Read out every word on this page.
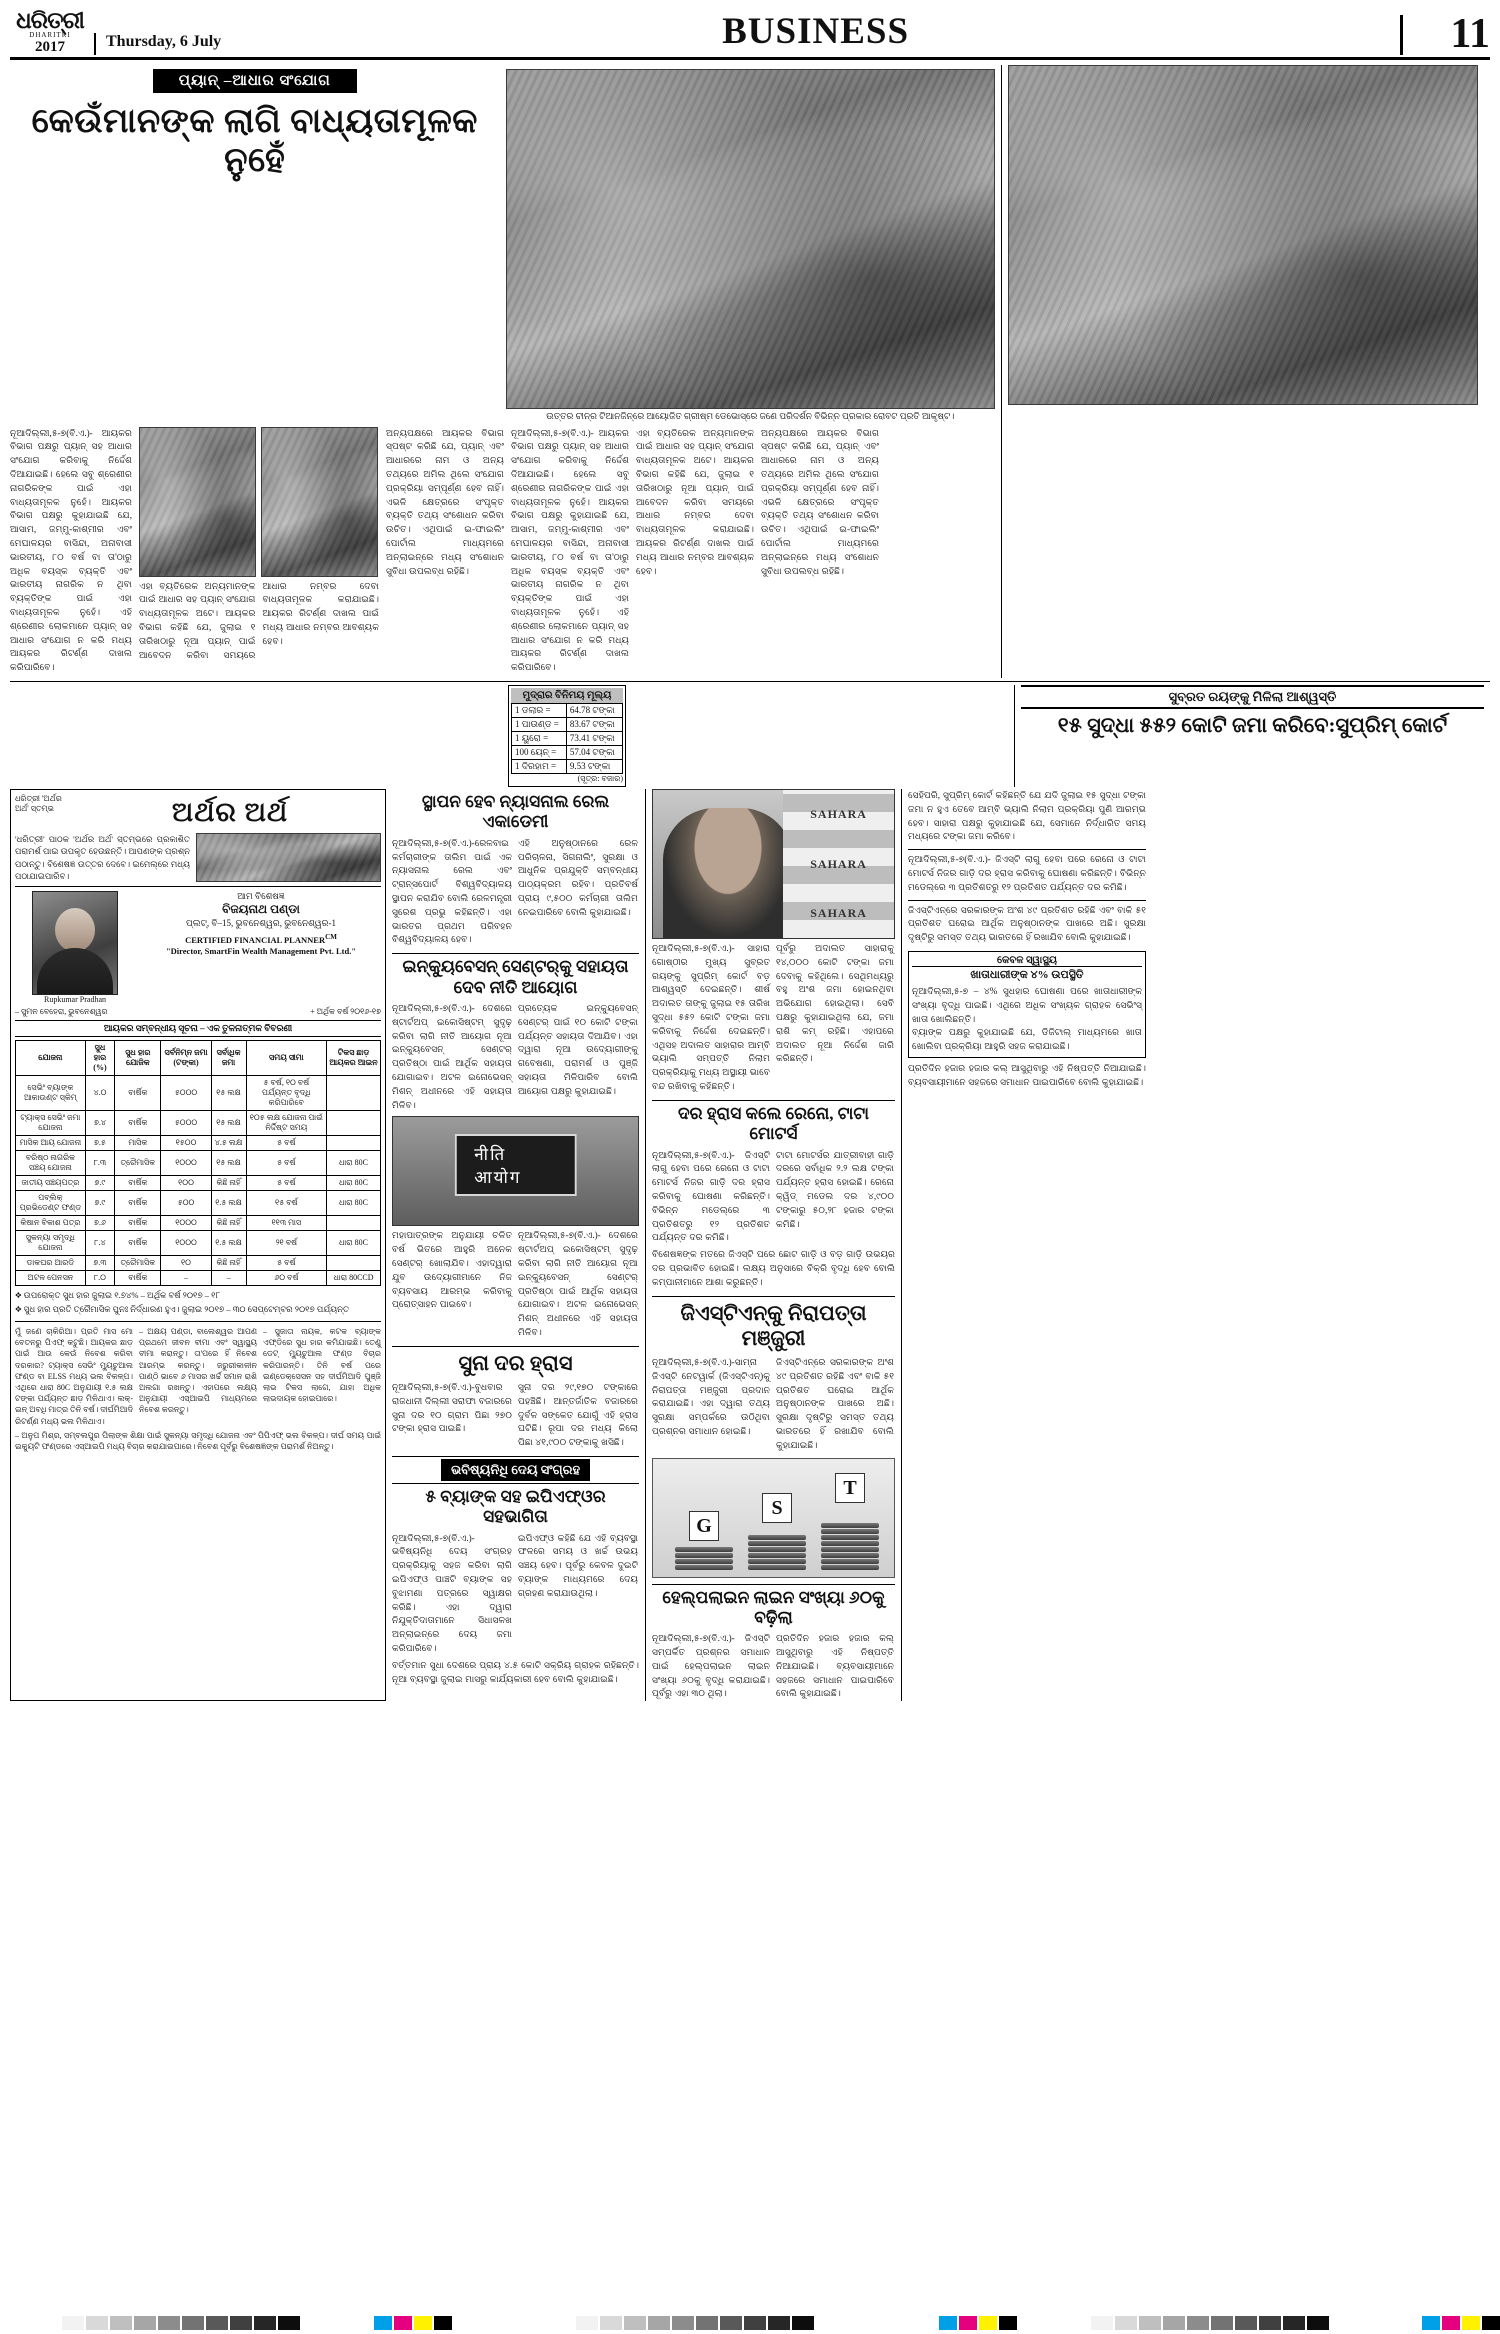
ଧରିତ୍ରୀ
DHARITRI
2017	Thursday, 6 July	BUSINESS	11
ପ୍ୟାନ୍‌ –ଆଧାର ସଂଯୋଗ
କେଉଁମାନଙ୍କ ଲାଗି ବାଧ୍ୟତାମୂଳକ ନୁହେଁ
ଉତ୍ତର ଚୀନ୍‌ର ଟିଆନଜିନ୍‌ରେ ଆୟୋଜିତ ଗ୍ରୀଷ୍ମ ଡେଭୋସ୍‌ରେ ଜଣେ ପରିଦର୍ଶନ ବିଭିନ୍ନ ପ୍ରକାର ରୋବଟ ପ୍ରତି ଆକୃଷ୍ଟ।

ନୂଆଦିଲ୍ଲୀ,୫-୭(ବି.ଏ.)- ଆୟକର ବିଭାଗ ପକ୍ଷରୁ ପ୍ୟାନ୍ ସହ ଆଧାର ସଂଯୋଗ କରିବାକୁ ନିର୍ଦ୍ଦେଶ ଦିଆଯାଇଛି। ହେଲେ ସବୁ ଶ୍ରେଣୀର ନାଗରିକଙ୍କ ପାଇଁ ଏହା ବାଧ୍ୟତାମୂଳକ ନୁହେଁ। ଆୟକର ବିଭାଗ ପକ୍ଷରୁ କୁହାଯାଇଛି ଯେ, ଆସାମ, ଜମ୍ମୁ-କାଶ୍ମୀର ଏବଂ ମେଘାଳୟର ବାସିନ୍ଦା, ଅନାବାସୀ ଭାରତୀୟ, ୮୦ ବର୍ଷ ବା ତା'ଠାରୁ ଅଧିକ ବୟସ୍କ ବ୍ୟକ୍ତି ଏବଂ ଭାରତୀୟ ନାଗରିକ ନ ଥିବା ବ୍ୟକ୍ତିଙ୍କ ପାଇଁ ଏହା ବାଧ୍ୟତାମୂଳକ ନୁହେଁ। ଏହି ଶ୍ରେଣୀର ଲୋକମାନେ ପ୍ୟାନ୍ ସହ ଆଧାର ସଂଯୋଗ ନ କରି ମଧ୍ୟ ଆୟକର ରିଟର୍ଣ୍ଣ ଦାଖଲ କରିପାରିବେ।

ଏହା ବ୍ୟତିରେକ ଅନ୍ୟମାନଙ୍କ ପାଇଁ ଆଧାର ସହ ପ୍ୟାନ୍ ସଂଯୋଗ ବାଧ୍ୟତାମୂଳକ ଅଟେ। ଆୟକର ବିଭାଗ କହିଛି ଯେ, ଜୁଲାଇ ୧ ତାରିଖଠାରୁ ନୂଆ ପ୍ୟାନ୍ ପାଇଁ ଆବେଦନ କରିବା ସମୟରେ ଆଧାର ନମ୍ବର ଦେବା ବାଧ୍ୟତାମୂଳକ କରାଯାଇଛି। ଆୟକର ରିଟର୍ଣ୍ଣ ଦାଖଲ ପାଇଁ ମଧ୍ୟ ଆଧାର ନମ୍ବର ଆବଶ୍ୟକ ହେବ।

ଅନ୍ୟପକ୍ଷରେ ଆୟକର ବିଭାଗ ସ୍ପଷ୍ଟ କରିଛି ଯେ, ପ୍ୟାନ୍ ଏବଂ ଆଧାରରେ ନାମ ଓ ଅନ୍ୟ ତଥ୍ୟରେ ଅମିଲ ଥିଲେ ସଂଯୋଗ ପ୍ରକ୍ରିୟା ସମ୍ପୂର୍ଣ୍ଣ ହେବ ନାହିଁ। ଏଭଳି କ୍ଷେତ୍ରରେ ସଂପୃକ୍ତ ବ୍ୟକ୍ତି ତଥ୍ୟ ସଂଶୋଧନ କରିବା ଉଚିତ। ଏଥିପାଇଁ ଇ-ଫାଇଲିଂ ପୋର୍ଟାଲ ମାଧ୍ୟମରେ ଅନ୍‌ଲାଇନ୍‌ରେ ମଧ୍ୟ ସଂଶୋଧନ ସୁବିଧା ଉପଲବ୍ଧ ରହିଛି।

ନୂଆଦିଲ୍ଲୀ,୫-୭(ବି.ଏ.)- ଆୟକର ବିଭାଗ ପକ୍ଷରୁ ପ୍ୟାନ୍ ସହ ଆଧାର ସଂଯୋଗ କରିବାକୁ ନିର୍ଦ୍ଦେଶ ଦିଆଯାଇଛି। ହେଲେ ସବୁ ଶ୍ରେଣୀର ନାଗରିକଙ୍କ ପାଇଁ ଏହା ବାଧ୍ୟତାମୂଳକ ନୁହେଁ। ଆୟକର ବିଭାଗ ପକ୍ଷରୁ କୁହାଯାଇଛି ଯେ, ଆସାମ, ଜମ୍ମୁ-କାଶ୍ମୀର ଏବଂ ମେଘାଳୟର ବାସିନ୍ଦା, ଅନାବାସୀ ଭାରତୀୟ, ୮୦ ବର୍ଷ ବା ତା'ଠାରୁ ଅଧିକ ବୟସ୍କ ବ୍ୟକ୍ତି ଏବଂ ଭାରତୀୟ ନାଗରିକ ନ ଥିବା ବ୍ୟକ୍ତିଙ୍କ ପାଇଁ ଏହା ବାଧ୍ୟତାମୂଳକ ନୁହେଁ। ଏହି ଶ୍ରେଣୀର ଲୋକମାନେ ପ୍ୟାନ୍ ସହ ଆଧାର ସଂଯୋଗ ନ କରି ମଧ୍ୟ ଆୟକର ରିଟର୍ଣ୍ଣ ଦାଖଲ କରିପାରିବେ।

ଏହା ବ୍ୟତିରେକ ଅନ୍ୟମାନଙ୍କ ପାଇଁ ଆଧାର ସହ ପ୍ୟାନ୍ ସଂଯୋଗ ବାଧ୍ୟତାମୂଳକ ଅଟେ। ଆୟକର ବିଭାଗ କହିଛି ଯେ, ଜୁଲାଇ ୧ ତାରିଖଠାରୁ ନୂଆ ପ୍ୟାନ୍ ପାଇଁ ଆବେଦନ କରିବା ସମୟରେ ଆଧାର ନମ୍ବର ଦେବା ବାଧ୍ୟତାମୂଳକ କରାଯାଇଛି। ଆୟକର ରିଟର୍ଣ୍ଣ ଦାଖଲ ପାଇଁ ମଧ୍ୟ ଆଧାର ନମ୍ବର ଆବଶ୍ୟକ ହେବ।

ଅନ୍ୟପକ୍ଷରେ ଆୟକର ବିଭାଗ ସ୍ପଷ୍ଟ କରିଛି ଯେ, ପ୍ୟାନ୍ ଏବଂ ଆଧାରରେ ନାମ ଓ ଅନ୍ୟ ତଥ୍ୟରେ ଅମିଲ ଥିଲେ ସଂଯୋଗ ପ୍ରକ୍ରିୟା ସମ୍ପୂର୍ଣ୍ଣ ହେବ ନାହିଁ। ଏଭଳି କ୍ଷେତ୍ରରେ ସଂପୃକ୍ତ ବ୍ୟକ୍ତି ତଥ୍ୟ ସଂଶୋଧନ କରିବା ଉଚିତ। ଏଥିପାଇଁ ଇ-ଫାଇଲିଂ ପୋର୍ଟାଲ ମାଧ୍ୟମରେ ଅନ୍‌ଲାଇନ୍‌ରେ ମଧ୍ୟ ସଂଶୋଧନ ସୁବିଧା ଉପଲବ୍ଧ ରହିଛି।

ମୁଦ୍ରାର ବିନିମୟ ମୂଲ୍ୟ
1 ଡଲାର =	64.78 ଟଙ୍କା
1 ପାଉଣ୍ଡ =	83.67 ଟଙ୍କା
1 ୟୁରୋ =	73.41 ଟଙ୍କା
100 ୟେନ୍ =	57.04 ଟଙ୍କା
1 ଦିରହାମ =	9.53 ଟଙ୍କା
(ସୂତ୍ର: ବଜାର)
ସୁବ୍ରତ ରୟଙ୍କୁ ମିଳିଲା ଆଶ୍ୱସ୍ତି
୧୫ ସୁଦ୍ଧା ୫୫୨ କୋଟି ଜମା କରିବେ:ସୁପ୍ରିମ୍ କୋର୍ଟ
ଧରିତ୍ରୀ 'ଅର୍ଥର ଅର୍ଥ' ସ୍ତମ୍ଭ	ଅର୍ଥର ଅର୍ଥ
'ଧରିତ୍ରୀ' ପାଠକ 'ଅର୍ଥର ଅର୍ଥ' ସ୍ତମ୍ଭରେ ପ୍ରକାଶିତ ପରାମର୍ଶ ପାଇ ଉପକୃତ ହେଉଛନ୍ତି। ଆପଣଙ୍କ ପ୍ରଶ୍ନ ପଠାନ୍ତୁ। ବିଶେଷଜ୍ଞ ଉତ୍ତର ଦେବେ। ଇମେଲ୍‌ରେ ମଧ୍ୟ ପଠାଯାଇପାରିବ।
Rupkumar Pradhan
ଆମ ବିଶେଷଜ୍ଞ
ବିଜୟନାଥ ପଣ୍ଡା
ପ୍ଲଟ୍‌, ବି–15, ଭୁବନେଶ୍ୱର, ଭୁବନେଶ୍ୱର-1
CERTIFIED FINANCIAL $PLANNER^{CM}$
"Director, SmartFin Wealth Management Pvt. Ltd."
– ସୁମନ ବେହେରା, ଭୁବନେଶ୍ୱର	+ ଅର୍ଥିକ ବର୍ଷ ୨୦୧୬-୧୭
ଆୟକର ସମ୍ବନ୍ଧୀୟ ସୂଚନା – ଏକ ତୁଳନାତ୍ମକ ବିବରଣୀ
ଯୋଜନା	ସୁଧ ହାର (%)	ସୁଧ ହାର ଯୋଜିକ	ସର୍ବନିମ୍ନ ଜମା (ଟଙ୍କା)	ସର୍ବାଧିକ ଜମା	ସମୟ ସୀମା	ଟିକସ ଛାଡ଼ ଆୟକର ଆଇନ
ସେଭିଂ ବ୍ୟାଙ୍କ ଆକାଉଣ୍ଟ ସ୍କିମ୍	୪.୦	ବାର୍ଷିକ	୫୦୦୦	୧୫ ଲକ୍ଷ	୫ ବର୍ଷ, ୧୦ ବର୍ଷ ପର୍ଯ୍ୟନ୍ତ ବୃଦ୍ଧି କରିପାରିବେ	
ଟ୍ୟାକ୍ସ ସେଭିଂ ଜମା ଯୋଜନା	୭.୪	ବାର୍ଷିକ	୫୦୦୦	୧୫ ଲକ୍ଷ	୧୦୫ ଲକ୍ଷ ଯୋଜନା ପାଇଁ ନିର୍ଦ୍ଦିଷ୍ଟ ସମୟ	
ମାସିକ ଆୟ ଯୋଜନା	୭.୫	ମାସିକ	୧୫୦୦	୪.୫ ଲକ୍ଷ	୫ ବର୍ଷ	
ବରିଷ୍ଠ ନାଗରିକ ସଞ୍ଚୟ ଯୋଜନା	୮.୩	ତ୍ରୈମାସିକ	୧୦୦୦	୧୫ ଲକ୍ଷ	୫ ବର୍ଷ	ଧାରା 80C
ଜାତୀୟ ସଞ୍ଚୟପତ୍ର	୭.୯	ବାର୍ଷିକ	୧୦୦	କିଛି ନାହିଁ	୫ ବର୍ଷ	ଧାରା 80C
ପବ୍ଲିକ୍ ପ୍ରଭିଡେଣ୍ଟ ଫଣ୍ଡ	୭.୯	ବାର୍ଷିକ	୫୦୦	୧.୫ ଲକ୍ଷ	୧୫ ବର୍ଷ	ଧାରା 80C
କିଷାନ ବିକାଶ ପତ୍ର	୭.୬	ବାର୍ଷିକ	୧୦୦୦	କିଛି ନାହିଁ	୧୧୩ ମାସ	
ସୁକନ୍ୟା ସମୃଦ୍ଧି ଯୋଜନା	୮.୪	ବାର୍ଷିକ	୧୦୦୦	୧.୫ ଲକ୍ଷ	୨୧ ବର୍ଷ	ଧାରା 80C
ଡାକଘର ଆରଡି	୭.୩	ତ୍ରୈମାସିକ	୧୦	କିଛି ନାହିଁ	୫ ବର୍ଷ	
ଅଟଳ ପେନସନ	୮.୦	ବାର୍ଷିକ	–	–	୬୦ ବର୍ଷ	ଧାରା 80CCD
❖ ଉପରୋକ୍ତ ସୁଧ ହାର ଜୁଲାଇ ୧.୭୪% – ଅର୍ଥିକ ବର୍ଷ ୨୦୧୭ – ୧୮
❖ ସୁଧ ହାର ପ୍ରତି ତ୍ରୈମାସିକ ପୁନଃ ନିର୍ଦ୍ଧାରଣ ହୁଏ। ଜୁଲାଇ ୨୦୧୭ – ୩୦ ସେପ୍ଟେମ୍ବର ୨୦୧୭ ପର୍ଯ୍ୟନ୍ତ
ମୁଁ ଜଣେ ଚାକିରିଆ। ପ୍ରତି ମାସ ମୋ ବେତନରୁ ପିଏଫ୍ କଟୁଛି। ଆୟକର ଛାଡ଼ ପାଇଁ ଆଉ କେଉଁ ନିବେଶ କରିବା ଦରକାର? ଟ୍ୟାକ୍ସ ସେଭିଂ ମ୍ୟୁଚୁଆଲ ଫଣ୍ଡ ବା ELSS ମଧ୍ୟ ଭଲ ବିକଳ୍ପ। ଏଥିରେ ଧାରା 80C ଅନୁଯାୟୀ ୧.୫ ଲକ୍ଷ ଟଙ୍କା ପର୍ଯ୍ୟନ୍ତ ଛାଡ଼ ମିଳିଥାଏ। ଲକ୍-ଇନ୍ ଅବଧି ମାତ୍ର ତିନି ବର୍ଷ। ଦୀର୍ଘମିଆଦି ରିଟର୍ଣ୍ଣ ମଧ୍ୟ ଭଲ ମିଳିଥାଏ।
– ଅକ୍ଷୟ ପଣ୍ଡା, ବାଲେଶ୍ୱର ଆପଣ ପ୍ରଥମେ ଜୀବନ ବୀମା ଏବଂ ସ୍ୱାସ୍ଥ୍ୟ ବୀମା କରାନ୍ତୁ। ତା'ପରେ ହିଁ ନିବେଶ ଆରମ୍ଭ କରନ୍ତୁ। ଜରୁରୀକାଳୀନ ପାଣ୍ଠି ଭାବେ ୬ ମାସର ଖର୍ଚ୍ଚ ସମାନ ରାଶି ଅଲଗା ରଖନ୍ତୁ। ଏହାପରେ ଲକ୍ଷ୍ୟ ଅନୁଯାୟୀ ଏସ୍‌ଆଇପି ମାଧ୍ୟମରେ ନିବେଶ କରନ୍ତୁ।
– ସୁଜାତା ନାୟକ, କଟକ ବ୍ୟାଙ୍କ ଏଫ୍‌ଡିରେ ସୁଧ ହାର କମିଯାଇଛି। ତେଣୁ ଡେଟ୍ ମ୍ୟୁଚୁଆଲ ଫଣ୍ଡ ବିଚାର କରିପାରନ୍ତି। ତିନି ବର୍ଷ ପରେ ଇଣ୍ଡେକ୍ସେସନ ସହ ଦୀର୍ଘମିଆଦି ପୁଞ୍ଜି ଲାଭ ଟିକସ ଲାଗେ, ଯାହା ଅଧିକ ଲାଭଦାୟକ ହୋଇପାରେ।
– ଅନୁପ ମିଶ୍ର, ସମ୍ବଲପୁର ପିଲାଙ୍କ ଶିକ୍ଷା ପାଇଁ ସୁକନ୍ୟା ସମୃଦ୍ଧି ଯୋଜନା ଏବଂ ପିପିଏଫ୍ ଭଲ ବିକଳ୍ପ। ଦୀର୍ଘ ସମୟ ପାଇଁ ଇକ୍ୟୁଟି ଫଣ୍ଡରେ ଏସ୍‌ଆଇପି ମଧ୍ୟ ବିଚାର କରାଯାଇପାରେ। ନିବେଶ ପୂର୍ବରୁ ବିଶେଷଜ୍ଞଙ୍କ ପରାମର୍ଶ ନିଅନ୍ତୁ।
ସ୍ଥାପନ ହେବ ନ୍ୟାସନାଲ ରେଲ ଏକାଡେମୀ
ନୂଆଦିଲ୍ଲୀ,୫-୭(ବି.ଏ.)-ରେଳବାଇ କର୍ମଚାରୀଙ୍କ ତାଲିମ ପାଇଁ ଏକ ନ୍ୟାସନାଲ ରେଲ ଏବଂ ଟ୍ରାନ୍ସପୋର୍ଟ ବିଶ୍ୱବିଦ୍ୟାଳୟ ସ୍ଥାପନ କରାଯିବ ବୋଲି ରେଳମନ୍ତ୍ରୀ ସୁରେଶ ପ୍ରଭୁ କହିଛନ୍ତି। ଏହା ଭାରତର ପ୍ରଥମ ପରିବହନ ବିଶ୍ୱବିଦ୍ୟାଳୟ ହେବ।
ଏହି ଅନୁଷ୍ଠାନରେ ରେଳ ପରିଚାଳନା, ସିଗନାଲିଂ, ସୁରକ୍ଷା ଓ ଆଧୁନିକ ପ୍ରଯୁକ୍ତି ସମ୍ବନ୍ଧୀୟ ପାଠ୍ୟକ୍ରମ ରହିବ। ପ୍ରତିବର୍ଷ ପ୍ରାୟ ୯,୫୦୦ କର୍ମଚାରୀ ତାଲିମ ନେଇପାରିବେ ବୋଲି କୁହାଯାଇଛି।
ଇନ୍‌କ୍ୟୁବେସନ୍ ସେଣ୍ଟର୍‌କୁ ସହାୟତା ଦେବ ନୀତି ଆୟୋଗ
ନୂଆଦିଲ୍ଲୀ,୫-୭(ବି.ଏ.)- ଦେଶରେ ଷ୍ଟାର୍ଟଅପ୍ ଇକୋସିଷ୍ଟମ୍ ସୁଦୃଢ଼ କରିବା ଲାଗି ନୀତି ଆୟୋଗ ନୂଆ ଇନ୍‌କ୍ୟୁବେସନ୍ ସେଣ୍ଟର୍ ପ୍ରତିଷ୍ଠା ପାଇଁ ଆର୍ଥିକ ସହାୟତା ଯୋଗାଇବ। ଅଟଳ ଇନୋଭେସନ୍ ମିଶନ୍ ଅଧୀନରେ ଏହି ସହାୟତା ମିଳିବ।
ପ୍ରତ୍ୟେକ ଇନ୍‌କ୍ୟୁବେସନ୍ ସେଣ୍ଟର୍ ପାଇଁ ୧୦ କୋଟି ଟଙ୍କା ପର୍ଯ୍ୟନ୍ତ ସହାୟତା ଦିଆଯିବ। ଏହା ଦ୍ୱାରା ନୂଆ ଉଦ୍ୟୋଗୀଙ୍କୁ ଗବେଷଣା, ପରାମର୍ଶ ଓ ପୁଞ୍ଜି ସହାୟତା ମିଳିପାରିବ ବୋଲି ଆୟୋଗ ପକ୍ଷରୁ କୁହାଯାଇଛି।
नीति आयोग
ମହାପାତ୍ରଙ୍କ ଅନୁଯାୟୀ ଚଳିତ ବର୍ଷ ଭିତରେ ଆହୁରି ଅନେକ ସେଣ୍ଟର୍ ଖୋଲାଯିବ। ଏହାଦ୍ୱାରା ଯୁବ ଉଦ୍ୟୋଗୀମାନେ ନିଜ ବ୍ୟବସାୟ ଆରମ୍ଭ କରିବାକୁ ପ୍ରୋତ୍ସାହନ ପାଇବେ।
ନୂଆଦିଲ୍ଲୀ,୫-୭(ବି.ଏ.)- ଦେଶରେ ଷ୍ଟାର୍ଟଅପ୍ ଇକୋସିଷ୍ଟମ୍ ସୁଦୃଢ଼ କରିବା ଲାଗି ନୀତି ଆୟୋଗ ନୂଆ ଇନ୍‌କ୍ୟୁବେସନ୍ ସେଣ୍ଟର୍ ପ୍ରତିଷ୍ଠା ପାଇଁ ଆର୍ଥିକ ସହାୟତା ଯୋଗାଇବ। ଅଟଳ ଇନୋଭେସନ୍ ମିଶନ୍ ଅଧୀନରେ ଏହି ସହାୟତା ମିଳିବ।
ସୁନା ଦର ହ୍ରାସ
ନୂଆଦିଲ୍ଲୀ,୫-୭(ବି.ଏ.)-ବୁଧବାର ରାଜଧାନୀ ଦିଲ୍ଲୀ ସରାଫା ବଜାରରେ ସୁନା ଦର ୧୦ ଗ୍ରାମ ପିଛା ୨୭୦ ଟଙ୍କା ହ୍ରାସ ପାଇଛି।
ସୁନା ଦର ୨୯,୧୭୦ ଟଙ୍କାରେ ପହଞ୍ଚିଛି। ଆନ୍ତର୍ଜାତିକ ବଜାରରେ ଦୁର୍ବଳ ସଙ୍କେତ ଯୋଗୁଁ ଏହି ହ୍ରାସ ଘଟିଛି। ରୂପା ଦର ମଧ୍ୟ କିଲୋ ପିଛା ୪୧,୯୦୦ ଟଙ୍କାକୁ ଖସିଛି।
ଭବିଷ୍ୟନିଧି ଦେୟ ସଂଗ୍ରହ
୫ ବ୍ୟାଙ୍କ ସହ ଇପିଏଫ୍‌ଓର ସହଭାଗିତା
ନୂଆଦିଲ୍ଲୀ,୫-୭(ବି.ଏ.)- ଭବିଷ୍ୟନିଧି ଦେୟ ସଂଗ୍ରହ ପ୍ରକ୍ରିୟାକୁ ସହଜ କରିବା ଲାଗି ଇପିଏଫ୍‌ଓ ପାଞ୍ଚଟି ବ୍ୟାଙ୍କ ସହ ବୁଝାମଣା ପତ୍ରରେ ସ୍ୱାକ୍ଷର କରିଛି। ଏହା ଦ୍ୱାରା ନିଯୁକ୍ତିଦାତାମାନେ ସିଧାସଳଖ ଅନ୍‌ଲାଇନ୍‌ରେ ଦେୟ ଜମା କରିପାରିବେ।
ଇପିଏଫ୍‌ଓ କହିଛି ଯେ ଏହି ବ୍ୟବସ୍ଥା ଫଳରେ ସମୟ ଓ ଖର୍ଚ୍ଚ ଉଭୟ ସଞ୍ଚୟ ହେବ। ପୂର୍ବରୁ କେବଳ ଦୁଇଟି ବ୍ୟାଙ୍କ ମାଧ୍ୟମରେ ଦେୟ ଗ୍ରହଣ କରାଯାଉଥିଲା।
ବର୍ତ୍ତମାନ ସୁଧା ଦେଶରେ ପ୍ରାୟ ୪.୫ କୋଟି ସକ୍ରିୟ ଗ୍ରାହକ ରହିଛନ୍ତି। ନୂଆ ବ୍ୟବସ୍ଥା ଜୁଲାଇ ମାସରୁ କାର୍ଯ୍ୟକାରୀ ହେବ ବୋଲି କୁହାଯାଇଛି।
SAHARA
SAHARA
SAHARA
ନୂଆଦିଲ୍ଲୀ,୫-୭(ବି.ଏ.)- ସାହାରା ଗୋଷ୍ଠୀର ମୁଖ୍ୟ ସୁବ୍ରତ ରୟଙ୍କୁ ସୁପ୍ରିମ୍ କୋର୍ଟ ବଡ଼ ଆଶ୍ୱସ୍ତି ଦେଇଛନ୍ତି। ଶୀର୍ଷ ଅଦାଲତ ତାଙ୍କୁ ଜୁଲାଇ ୧୫ ତାରିଖ ସୁଦ୍ଧା ୫୫୨ କୋଟି ଟଙ୍କା ଜମା କରିବାକୁ ନିର୍ଦ୍ଦେଶ ଦେଇଛନ୍ତି। ଏଥିସହ ଅଦାଲତ ସାହାରାର ଆମ୍ବି ଭ୍ୟାଲି ସମ୍ପତ୍ତି ନିଲାମ ପ୍ରକ୍ରିୟାକୁ ମଧ୍ୟ ଅସ୍ଥାୟୀ ଭାବେ ବନ୍ଦ ରଖିବାକୁ କହିଛନ୍ତି।
ପୂର୍ବରୁ ଅଦାଲତ ସାହାରାକୁ ୧୪,୦୦୦ କୋଟି ଟଙ୍କା ଜମା ଦେବାକୁ କହିଥିଲେ। ସେଥିମଧ୍ୟରୁ ବହୁ ଅଂଶ ଜମା ହୋଇନଥିବା ଅଭିଯୋଗ ହୋଇଥିଲା। ସେବି ପକ୍ଷରୁ କୁହାଯାଇଥିଲା ଯେ, ଜମା ରାଶି କମ୍ ରହିଛି। ଏହାପରେ ଅଦାଲତ ନୂଆ ନିର୍ଦ୍ଦେଶ ଜାରି କରିଛନ୍ତି।
ଦର ହ୍ରାସ କଲେ ରେନୋ, ଟାଟା ମୋଟର୍ସ
ନୂଆଦିଲ୍ଲୀ,୫-୭(ବି.ଏ.)- ଜିଏସ୍‌ଟି ଲାଗୁ ହେବା ପରେ ରେନୋ ଓ ଟାଟା ମୋଟର୍ସ ନିଜର ଗାଡ଼ି ଦର ହ୍ରାସ କରିବାକୁ ଘୋଷଣା କରିଛନ୍ତି। ବିଭିନ୍ନ ମଡେଲ୍‌ରେ ୩ ପ୍ରତିଶତରୁ ୧୨ ପ୍ରତିଶତ ପର୍ଯ୍ୟନ୍ତ ଦର କମିଛି।
ଟାଟା ମୋଟର୍ସର ଯାତ୍ରୀବାହୀ ଗାଡ଼ି ଦରରେ ସର୍ବାଧିକ ୨.୨ ଲକ୍ଷ ଟଙ୍କା ପର୍ଯ୍ୟନ୍ତ ହ୍ରାସ ହୋଇଛି। ରେନୋ କ୍ୱିଡ୍ ମଡେଲ ଦର ୪,୯୦୦ ଟଙ୍କାରୁ ୫୦,୨୮ ହଜାର ଟଙ୍କା କମିଛି।
ବିଶେଷଜ୍ଞଙ୍କ ମତରେ ଜିଏସ୍‌ଟି ପରେ ଛୋଟ ଗାଡ଼ି ଓ ବଡ଼ ଗାଡ଼ି ଉଭୟର ଦର ପ୍ରଭାବିତ ହୋଇଛି। ଲକ୍ଷ୍ୟ ଅନୁସାରେ ବିକ୍ରି ବୃଦ୍ଧି ହେବ ବୋଲି କମ୍ପାନୀମାନେ ଆଶା କରୁଛନ୍ତି।
ଜିଏସ୍‌ଟିଏନ୍‌କୁ ନିରାପତ୍ତା ମଞ୍ଜୁରୀ
ନୂଆଦିଲ୍ଲୀ,୫-୭(ବି.ଏ.)-ସାମ୍ନା ଜିଏସ୍‌ଟି ନେଟୱାର୍କ (ଜିଏସ୍‌ଟିଏନ୍‌)କୁ ନିରାପତ୍ତା ମଞ୍ଜୁରୀ ପ୍ରଦାନ କରାଯାଇଛି। ଏହା ଦ୍ୱାରା ତଥ୍ୟ ସୁରକ୍ଷା ସମ୍ପର୍କରେ ଉଠିଥିବା ପ୍ରଶ୍ନର ସମାଧାନ ହୋଇଛି।
ଜିଏସ୍‌ଟିଏନ୍‌ରେ ସରକାରଙ୍କ ଅଂଶ ୪୯ ପ୍ରତିଶତ ରହିଛି ଏବଂ ବାକି ୫୧ ପ୍ରତିଶତ ଘରୋଇ ଆର୍ଥିକ ଅନୁଷ୍ଠାନଙ୍କ ପାଖରେ ଅଛି। ସୁରକ୍ଷା ଦୃଷ୍ଟିରୁ ସମସ୍ତ ତଥ୍ୟ ଭାରତରେ ହିଁ ରଖାଯିବ ବୋଲି କୁହାଯାଇଛି।
G
S
T
ହେଲ୍ପଲାଇନ ଲାଇନ ସଂଖ୍ୟା ୬୦କୁ ବଢ଼ିଲା
ନୂଆଦିଲ୍ଲୀ,୫-୭(ବି.ଏ.)- ଜିଏସ୍‌ଟି ସମ୍ପର୍କିତ ପ୍ରଶ୍ନର ସମାଧାନ ପାଇଁ ହେଲ୍ପଲାଇନ ଲାଇନ ସଂଖ୍ୟା ୬୦କୁ ବୃଦ୍ଧି କରାଯାଇଛି। ପୂର୍ବରୁ ଏହା ୩୦ ଥିଲା।
ପ୍ରତିଦିନ ହଜାର ହଜାର କଲ୍ ଆସୁଥିବାରୁ ଏହି ନିଷ୍ପତ୍ତି ନିଆଯାଇଛି। ବ୍ୟବସାୟୀମାନେ ସହଜରେ ସମାଧାନ ପାଇପାରିବେ ବୋଲି କୁହାଯାଇଛି।
ସେହିପରି, ସୁପ୍ରିମ୍ କୋର୍ଟ କହିଛନ୍ତି ଯେ ଯଦି ଜୁଲାଇ ୧୫ ସୁଦ୍ଧା ଟଙ୍କା ଜମା ନ ହୁଏ ତେବେ ଆମ୍ବି ଭ୍ୟାଲି ନିଲାମ ପ୍ରକ୍ରିୟା ପୁଣି ଆରମ୍ଭ ହେବ। ସାହାରା ପକ୍ଷରୁ କୁହାଯାଇଛି ଯେ, ସେମାନେ ନିର୍ଦ୍ଧାରିତ ସମୟ ମଧ୍ୟରେ ଟଙ୍କା ଜମା କରିବେ।
ନୂଆଦିଲ୍ଲୀ,୫-୭(ବି.ଏ.)- ଜିଏସ୍‌ଟି ଲାଗୁ ହେବା ପରେ ରେନୋ ଓ ଟାଟା ମୋଟର୍ସ ନିଜର ଗାଡ଼ି ଦର ହ୍ରାସ କରିବାକୁ ଘୋଷଣା କରିଛନ୍ତି। ବିଭିନ୍ନ ମଡେଲ୍‌ରେ ୩ ପ୍ରତିଶତରୁ ୧୨ ପ୍ରତିଶତ ପର୍ଯ୍ୟନ୍ତ ଦର କମିଛି।
ଜିଏସ୍‌ଟିଏନ୍‌ରେ ସରକାରଙ୍କ ଅଂଶ ୪୯ ପ୍ରତିଶତ ରହିଛି ଏବଂ ବାକି ୫୧ ପ୍ରତିଶତ ଘରୋଇ ଆର୍ଥିକ ଅନୁଷ୍ଠାନଙ୍କ ପାଖରେ ଅଛି। ସୁରକ୍ଷା ଦୃଷ୍ଟିରୁ ସମସ୍ତ ତଥ୍ୟ ଭାରତରେ ହିଁ ରଖାଯିବ ବୋଲି କୁହାଯାଇଛି।
କେବଳ ସ୍ୱାସ୍ଥ୍ୟ
ଖାତାଧାରୀଙ୍କ ୪% ଉପସ୍ଥିତି
ନୂଆଦିଲ୍ଲୀ,୫-୭ – ୪% ସୁଧହାର ଘୋଷଣା ପରେ ଖାତାଧାରୀଙ୍କ ସଂଖ୍ୟା ବୃଦ୍ଧି ପାଇଛି। ଏଥିରେ ଅଧିକ ସଂଖ୍ୟକ ଗ୍ରାହକ ସେଭିଂସ୍ ଖାତା ଖୋଲିଛନ୍ତି।
ବ୍ୟାଙ୍କ ପକ୍ଷରୁ କୁହାଯାଇଛି ଯେ, ଡିଜିଟାଲ୍ ମାଧ୍ୟମରେ ଖାତା ଖୋଲିବା ପ୍ରକ୍ରିୟା ଆହୁରି ସହଜ କରାଯାଇଛି।
ପ୍ରତିଦିନ ହଜାର ହଜାର କଲ୍ ଆସୁଥିବାରୁ ଏହି ନିଷ୍ପତ୍ତି ନିଆଯାଇଛି। ବ୍ୟବସାୟୀମାନେ ସହଜରେ ସମାଧାନ ପାଇପାରିବେ ବୋଲି କୁହାଯାଇଛି।
